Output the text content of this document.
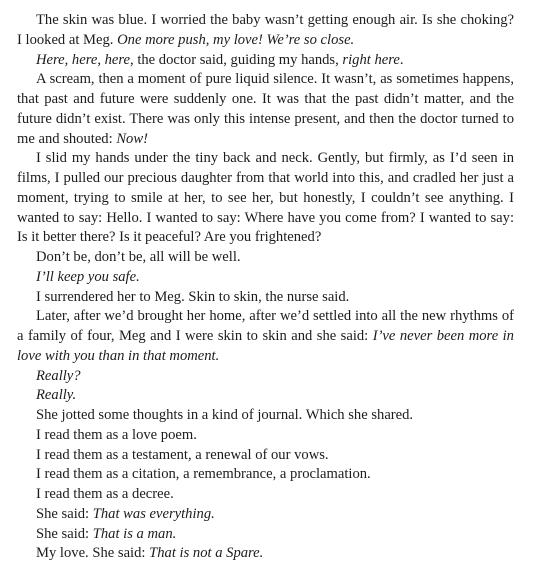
The skin was blue. I worried the baby wasn’t getting enough air. Is she choking? I looked at Meg. One more push, my love! We’re so close.

Here, here, here, the doctor said, guiding my hands, right here.

A scream, then a moment of pure liquid silence. It wasn’t, as sometimes happens, that past and future were suddenly one. It was that the past didn’t matter, and the future didn’t exist. There was only this intense present, and then the doctor turned to me and shouted: Now!

I slid my hands under the tiny back and neck. Gently, but firmly, as I’d seen in films, I pulled our precious daughter from that world into this, and cradled her just a moment, trying to smile at her, to see her, but honestly, I couldn’t see anything. I wanted to say: Hello. I wanted to say: Where have you come from? I wanted to say: Is it better there? Is it peaceful? Are you frightened?

Don’t be, don’t be, all will be well.

I’ll keep you safe.

I surrendered her to Meg. Skin to skin, the nurse said.

Later, after we’d brought her home, after we’d settled into all the new rhythms of a family of four, Meg and I were skin to skin and she said: I’ve never been more in love with you than in that moment.

Really?

Really.

She jotted some thoughts in a kind of journal. Which she shared.

I read them as a love poem.

I read them as a testament, a renewal of our vows.

I read them as a citation, a remembrance, a proclamation.

I read them as a decree.

She said: That was everything.

She said: That is a man.

My love. She said: That is not a Spare.
